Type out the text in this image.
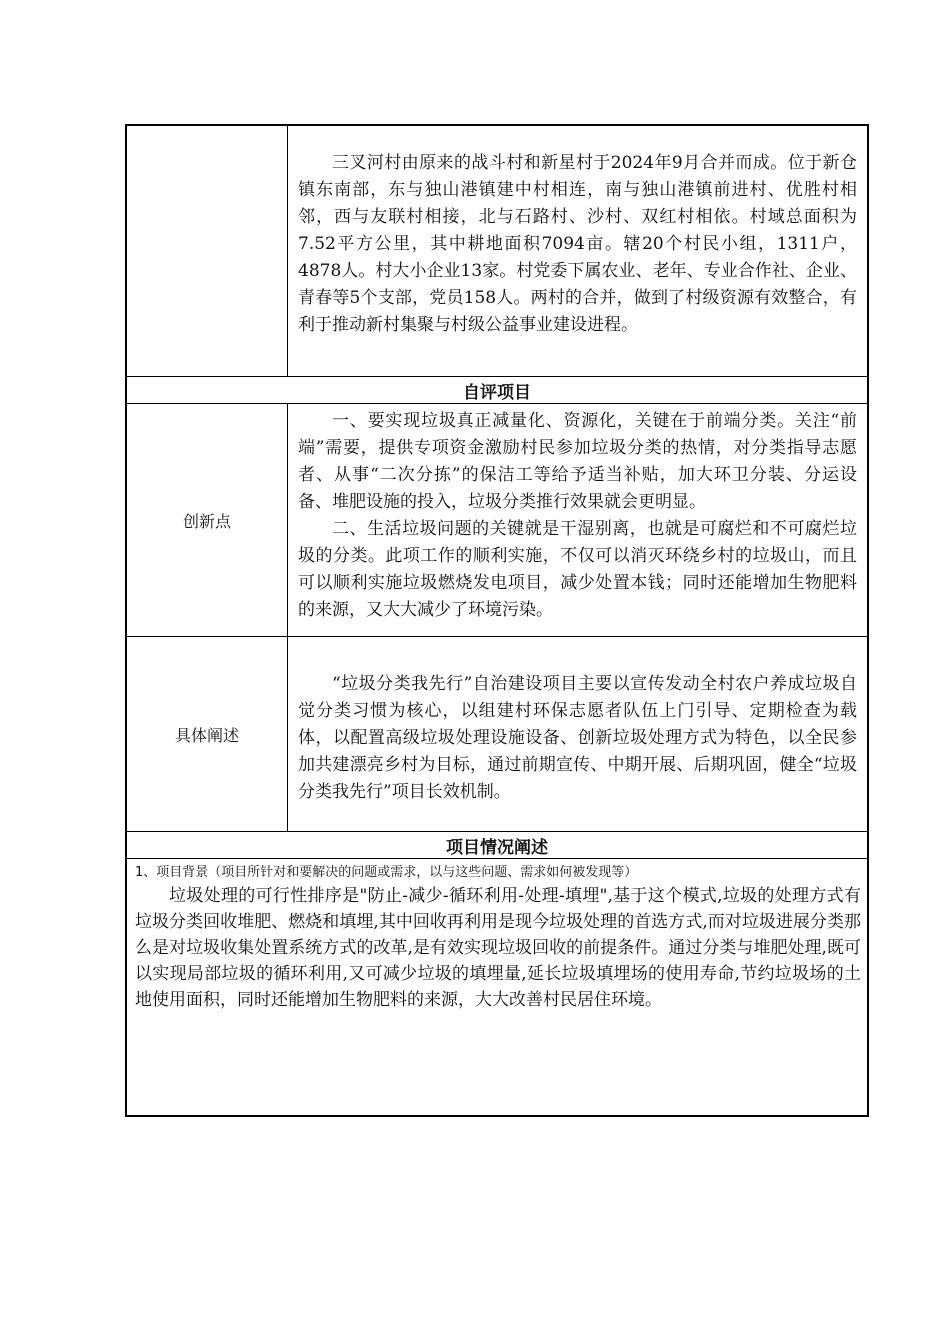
三叉河村由原来的战斗村和新星村于2024年9月合并而成。位于新仓镇东南部，东与独山港镇建中村相连，南与独山港镇前进村、优胜村相邻，西与友联村相接，北与石路村、沙村、双红村相依。村域总面积为7.52平方公里，其中耕地面积7094亩。辖20个村民小组，1311户，4878人。村大小企业13家。村党委下属农业、老年、专业合作社、企业、青春等5个支部，党员158人。两村的合并，做到了村级资源有效整合，有利于推动新村集聚与村级公益事业建设进程。

自评项目
创新点

一、要实现垃圾真正减量化、资源化，关键在于前端分类。关注“前端”需要，提供专项资金激励村民参加垃圾分类的热情，对分类指导志愿者、从事“二次分拣”的保洁工等给予适当补贴，加大环卫分装、分运设备、堆肥设施的投入，垃圾分类推行效果就会更明显。

二、生活垃圾问题的关键就是干湿别离，也就是可腐烂和不可腐烂垃圾的分类。此项工作的顺利实施，不仅可以消灭环绕乡村的垃圾山，而且可以顺利实施垃圾燃烧发电项目，减少处置本钱；同时还能增加生物肥料的来源，又大大减少了环境污染。

具体阐述

“垃圾分类我先行”自治建设项目主要以宣传发动全村农户养成垃圾自觉分类习惯为核心，以组建村环保志愿者队伍上门引导、定期检查为载体，以配置高级垃圾处理设施设备、创新垃圾处理方式为特色，以全民参加共建漂亮乡村为目标，通过前期宣传、中期开展、后期巩固，健全“垃圾分类我先行”项目长效机制。

项目情况阐述
1、项目背景（项目所针对和要解决的问题或需求，以与这些问题、需求如何被发现等）

垃圾处理的可行性排序是"防止-减少-循环利用-处理-填埋",基于这个模式,垃圾的处理方式有垃圾分类回收堆肥、燃烧和填埋,其中回收再利用是现今垃圾处理的首选方式,而对垃圾进展分类那么是对垃圾收集处置系统方式的改革,是有效实现垃圾回收的前提条件。通过分类与堆肥处理,既可以实现局部垃圾的循环利用,又可减少垃圾的填埋量,延长垃圾填埋场的使用寿命,节约垃圾场的土地使用面积，同时还能增加生物肥料的来源，大大改善村民居住环境。
